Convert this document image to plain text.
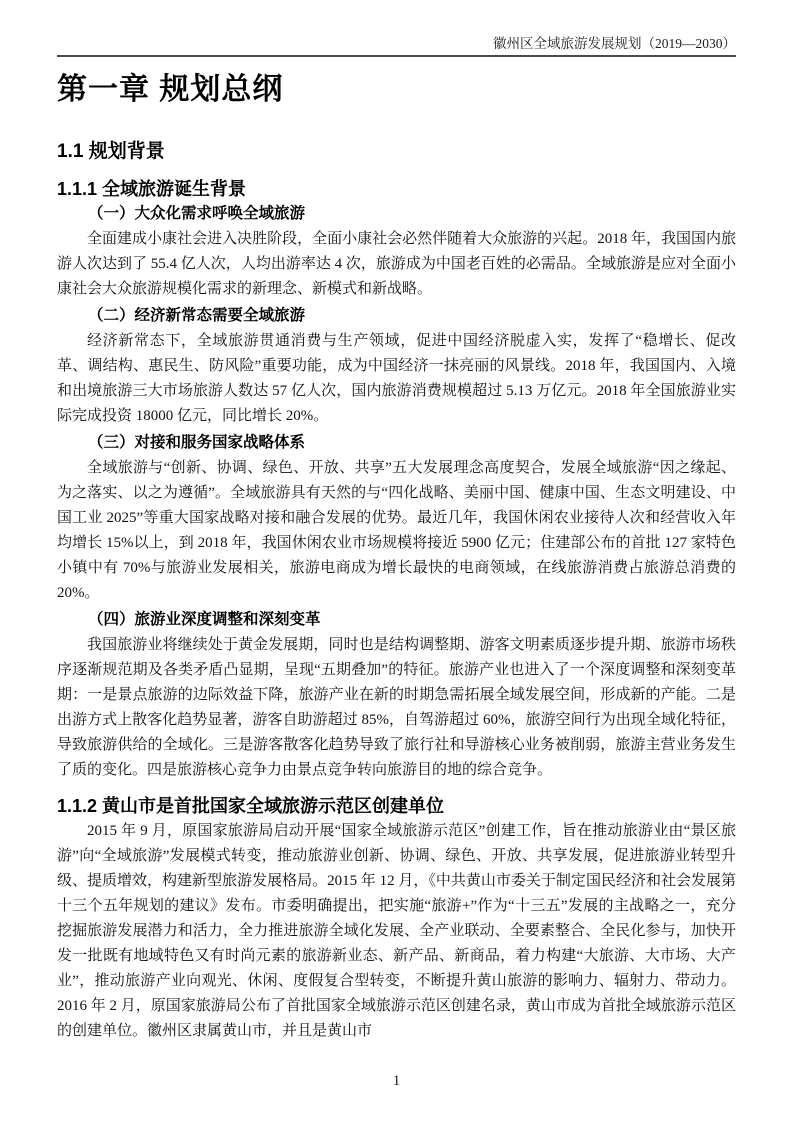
徽州区全域旅游发展规划（2019—2030）
第一章 规划总纲
1.1 规划背景
1.1.1 全域旅游诞生背景
（一）大众化需求呼唤全域旅游

全面建成小康社会进入决胜阶段，全面小康社会必然伴随着大众旅游的兴起。2018 年，我国国内旅游人次达到了 55.4 亿人次，人均出游率达 4 次，旅游成为中国老百姓的必需品。全域旅游是应对全面小康社会大众旅游规模化需求的新理念、新模式和新战略。

（二）经济新常态需要全域旅游

经济新常态下，全域旅游贯通消费与生产领域，促进中国经济脱虚入实，发挥了“稳增长、促改革、调结构、惠民生、防风险”重要功能，成为中国经济一抹亮丽的风景线。2018 年，我国国内、入境和出境旅游三大市场旅游人数达 57 亿人次，国内旅游消费规模超过 5.13 万亿元。2018 年全国旅游业实际完成投资 18000 亿元，同比增长 20%。

（三）对接和服务国家战略体系

全域旅游与“创新、协调、绿色、开放、共享”五大发展理念高度契合，发展全域旅游“因之缘起、为之落实、以之为遵循”。全域旅游具有天然的与“四化战略、美丽中国、健康中国、生态文明建设、中国工业 2025”等重大国家战略对接和融合发展的优势。最近几年，我国休闲农业接待人次和经营收入年均增长 15%以上，到 2018 年，我国休闲农业市场规模将接近 5900 亿元；住建部公布的首批 127 家特色小镇中有 70%与旅游业发展相关，旅游电商成为增长最快的电商领域，在线旅游消费占旅游总消费的 20%。

（四）旅游业深度调整和深刻变革

我国旅游业将继续处于黄金发展期，同时也是结构调整期、游客文明素质逐步提升期、旅游市场秩序逐渐规范期及各类矛盾凸显期，呈现“五期叠加”的特征。旅游产业也进入了一个深度调整和深刻变革期：一是景点旅游的边际效益下降，旅游产业在新的时期急需拓展全域发展空间，形成新的产能。二是出游方式上散客化趋势显著，游客自助游超过 85%，自驾游超过 60%，旅游空间行为出现全域化特征，导致旅游供给的全域化。三是游客散客化趋势导致了旅行社和导游核心业务被削弱，旅游主营业务发生了质的变化。四是旅游核心竞争力由景点竞争转向旅游目的地的综合竞争。

1.1.2 黄山市是首批国家全域旅游示范区创建单位

2015 年 9 月，原国家旅游局启动开展“国家全域旅游示范区”创建工作，旨在推动旅游业由“景区旅游”向“全域旅游”发展模式转变，推动旅游业创新、协调、绿色、开放、共享发展，促进旅游业转型升级、提质增效，构建新型旅游发展格局。2015 年 12 月，《中共黄山市委关于制定国民经济和社会发展第十三个五年规划的建议》发布。市委明确提出，把实施“旅游+”作为“十三五”发展的主战略之一，充分挖掘旅游发展潜力和活力，全力推进旅游全域化发展、全产业联动、全要素整合、全民化参与，加快开发一批既有地域特色又有时尚元素的旅游新业态、新产品、新商品，着力构建“大旅游、大市场、大产业”，推动旅游产业向观光、休闲、度假复合型转变，不断提升黄山旅游的影响力、辐射力、带动力。2016 年 2 月，原国家旅游局公布了首批国家全域旅游示范区创建名录，黄山市成为首批全域旅游示范区的创建单位。徽州区隶属黄山市，并且是黄山市

1
